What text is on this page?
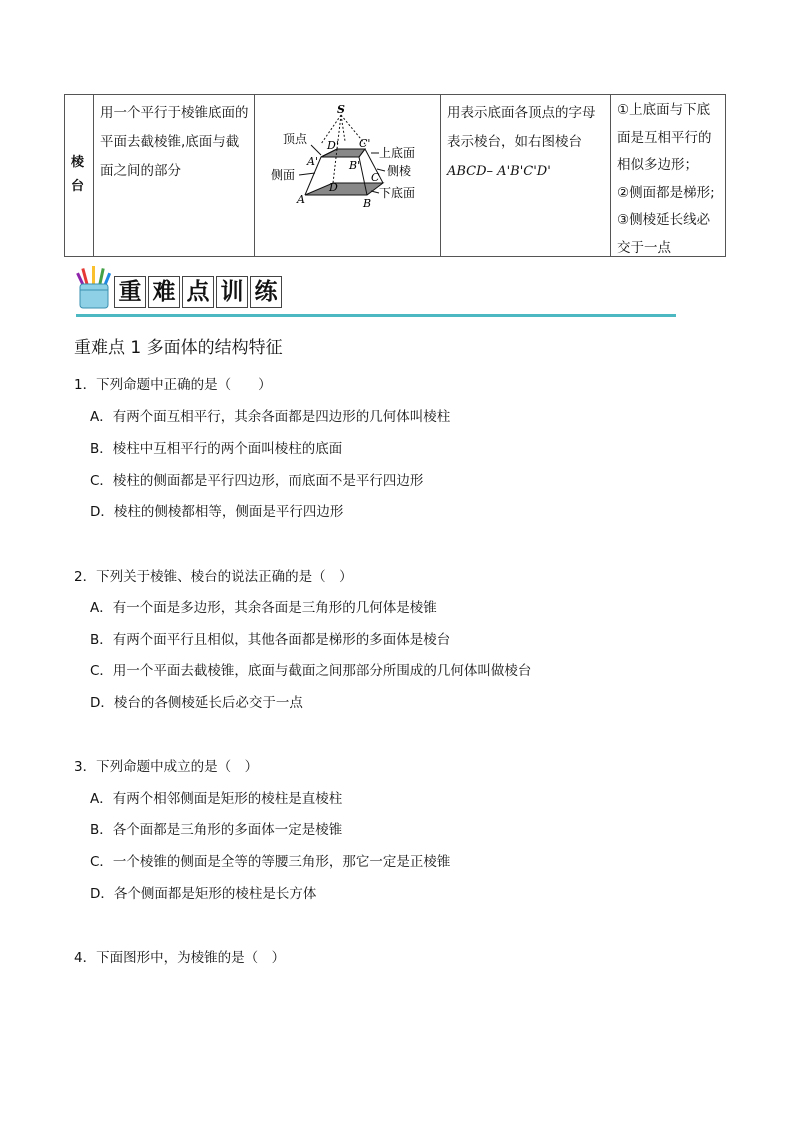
棱
台
用一个平行于棱锥底面的平面去截棱锥,底面与截面之间的部分
S
A'
D' C'
B'
D
C
A	B
顶点
侧面
上底面
侧棱
下底面
用表示底面各顶点的字母表示棱台，如右图棱台
ABCD– A'B'C'D'
①上底面与下底
面是互相平行的
相似多边形；
②侧面都是梯形;
③侧棱延长线必
交于一点
重 难 点 训 练
重难点 1 多面体的结构特征
1．下列命题中正确的是（　　）
A．有两个面互相平行，其余各面都是四边形的几何体叫棱柱
B．棱柱中互相平行的两个面叫棱柱的底面
C．棱柱的侧面都是平行四边形，而底面不是平行四边形
D．棱柱的侧棱都相等，侧面是平行四边形
2．下列关于棱锥、棱台的说法正确的是（　）
A．有一个面是多边形，其余各面是三角形的几何体是棱锥
B．有两个面平行且相似，其他各面都是梯形的多面体是棱台
C．用一个平面去截棱锥，底面与截面之间那部分所围成的几何体叫做棱台
D．棱台的各侧棱延长后必交于一点
3．下列命题中成立的是（　）
A．有两个相邻侧面是矩形的棱柱是直棱柱
B．各个面都是三角形的多面体一定是棱锥
C．一个棱锥的侧面是全等的等腰三角形，那它一定是正棱锥
D．各个侧面都是矩形的棱柱是长方体
4．下面图形中，为棱锥的是（　）
